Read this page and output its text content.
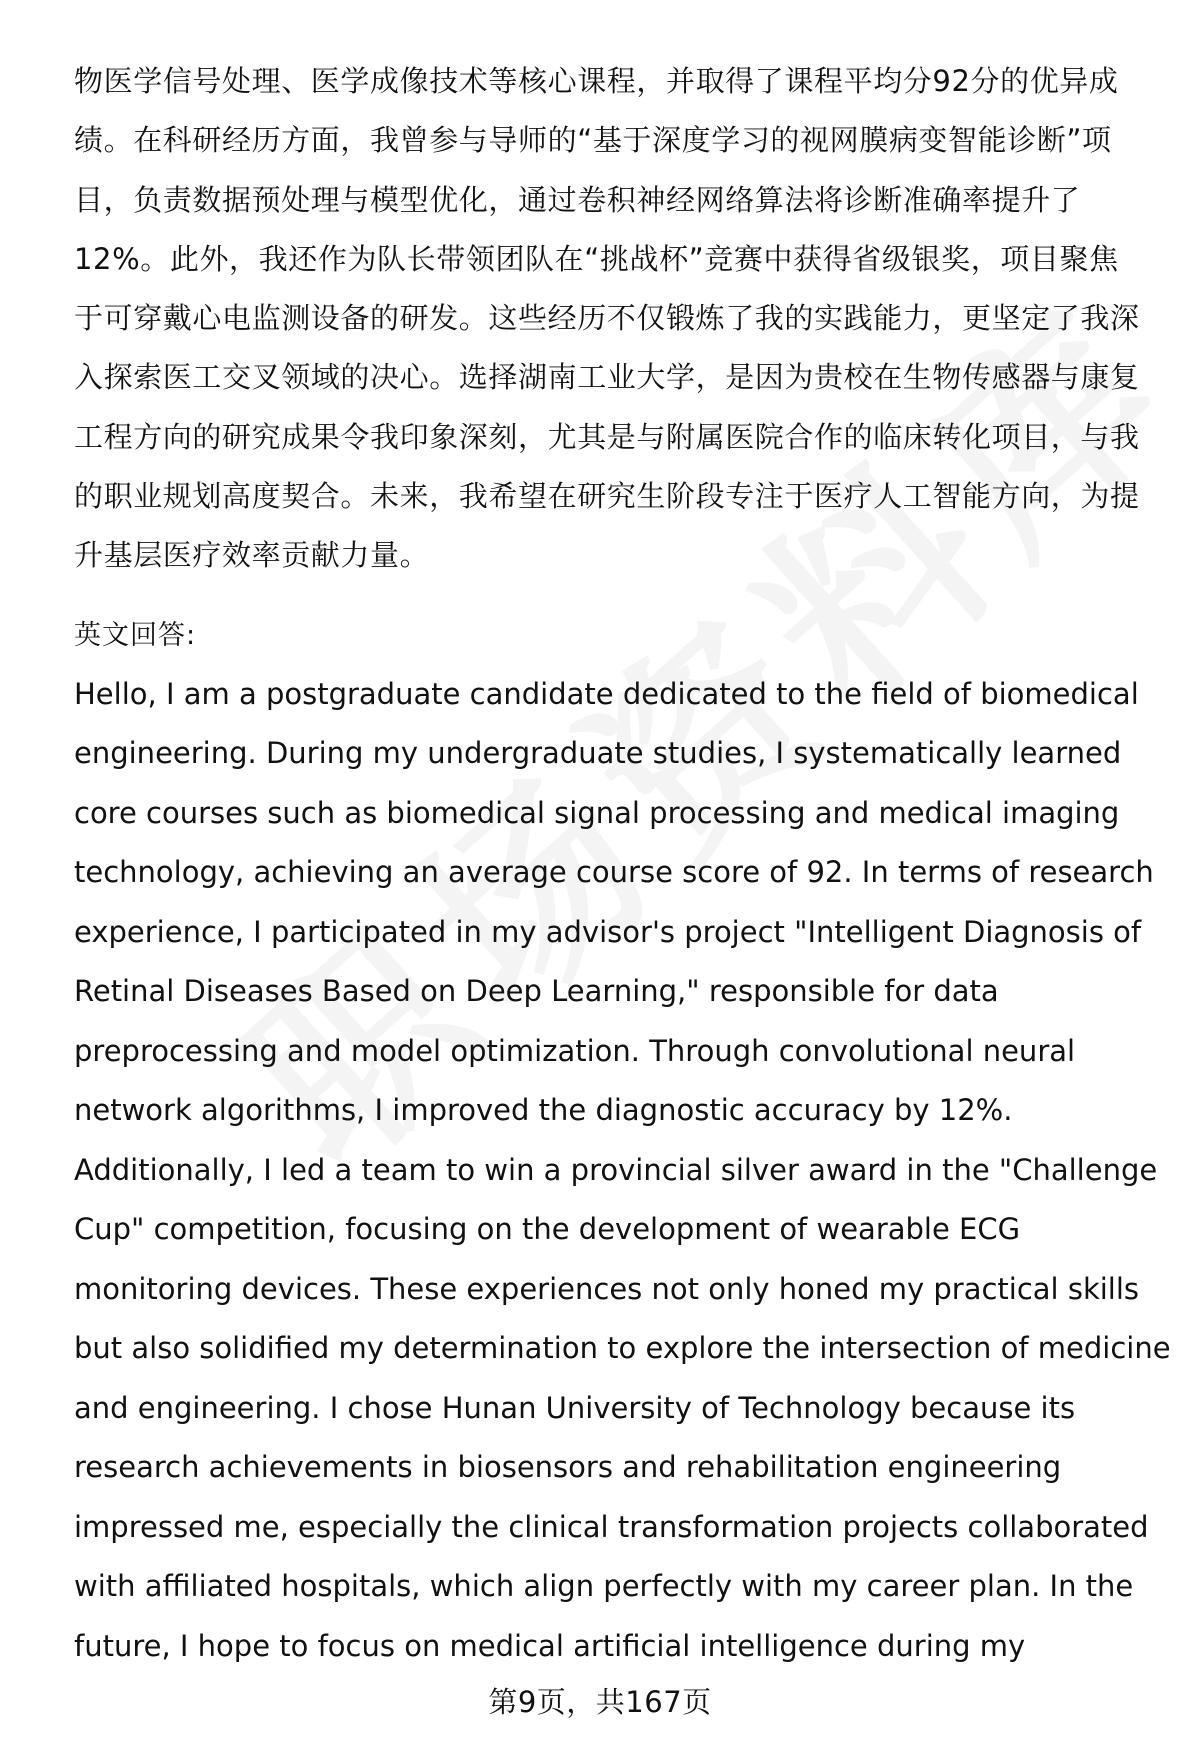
物医学信号处理、医学成像技术等核心课程，并取得了课程平均分92分的优异成
绩。在科研经历方面，我曾参与导师的“基于深度学习的视网膜病变智能诊断”项
目，负责数据预处理与模型优化，通过卷积神经网络算法将诊断准确率提升了
12%。此外，我还作为队长带领团队在“挑战杯”竞赛中获得省级银奖，项目聚焦
于可穿戴心电监测设备的研发。这些经历不仅锻炼了我的实践能力，更坚定了我深
入探索医工交叉领域的决心。选择湖南工业大学，是因为贵校在生物传感器与康复
工程方向的研究成果令我印象深刻，尤其是与附属医院合作的临床转化项目，与我
的职业规划高度契合。未来，我希望在研究生阶段专注于医疗人工智能方向，为提
升基层医疗效率贡献力量。

英文回答:

Hello, I am a postgraduate candidate dedicated to the field of biomedical
engineering. During my undergraduate studies, I systematically learned
core courses such as biomedical signal processing and medical imaging
technology, achieving an average course score of 92. In terms of research
experience, I participated in my advisor's project "Intelligent Diagnosis of
Retinal Diseases Based on Deep Learning," responsible for data
preprocessing and model optimization. Through convolutional neural
network algorithms, I improved the diagnostic accuracy by 12%.
Additionally, I led a team to win a provincial silver award in the "Challenge
Cup" competition, focusing on the development of wearable ECG
monitoring devices. These experiences not only honed my practical skills
but also solidified my determination to explore the intersection of medicine
and engineering. I chose Hunan University of Technology because its
research achievements in biosensors and rehabilitation engineering
impressed me, especially the clinical transformation projects collaborated
with affiliated hospitals, which align perfectly with my career plan. In the
future, I hope to focus on medical artificial intelligence during my

第9页，共167页
